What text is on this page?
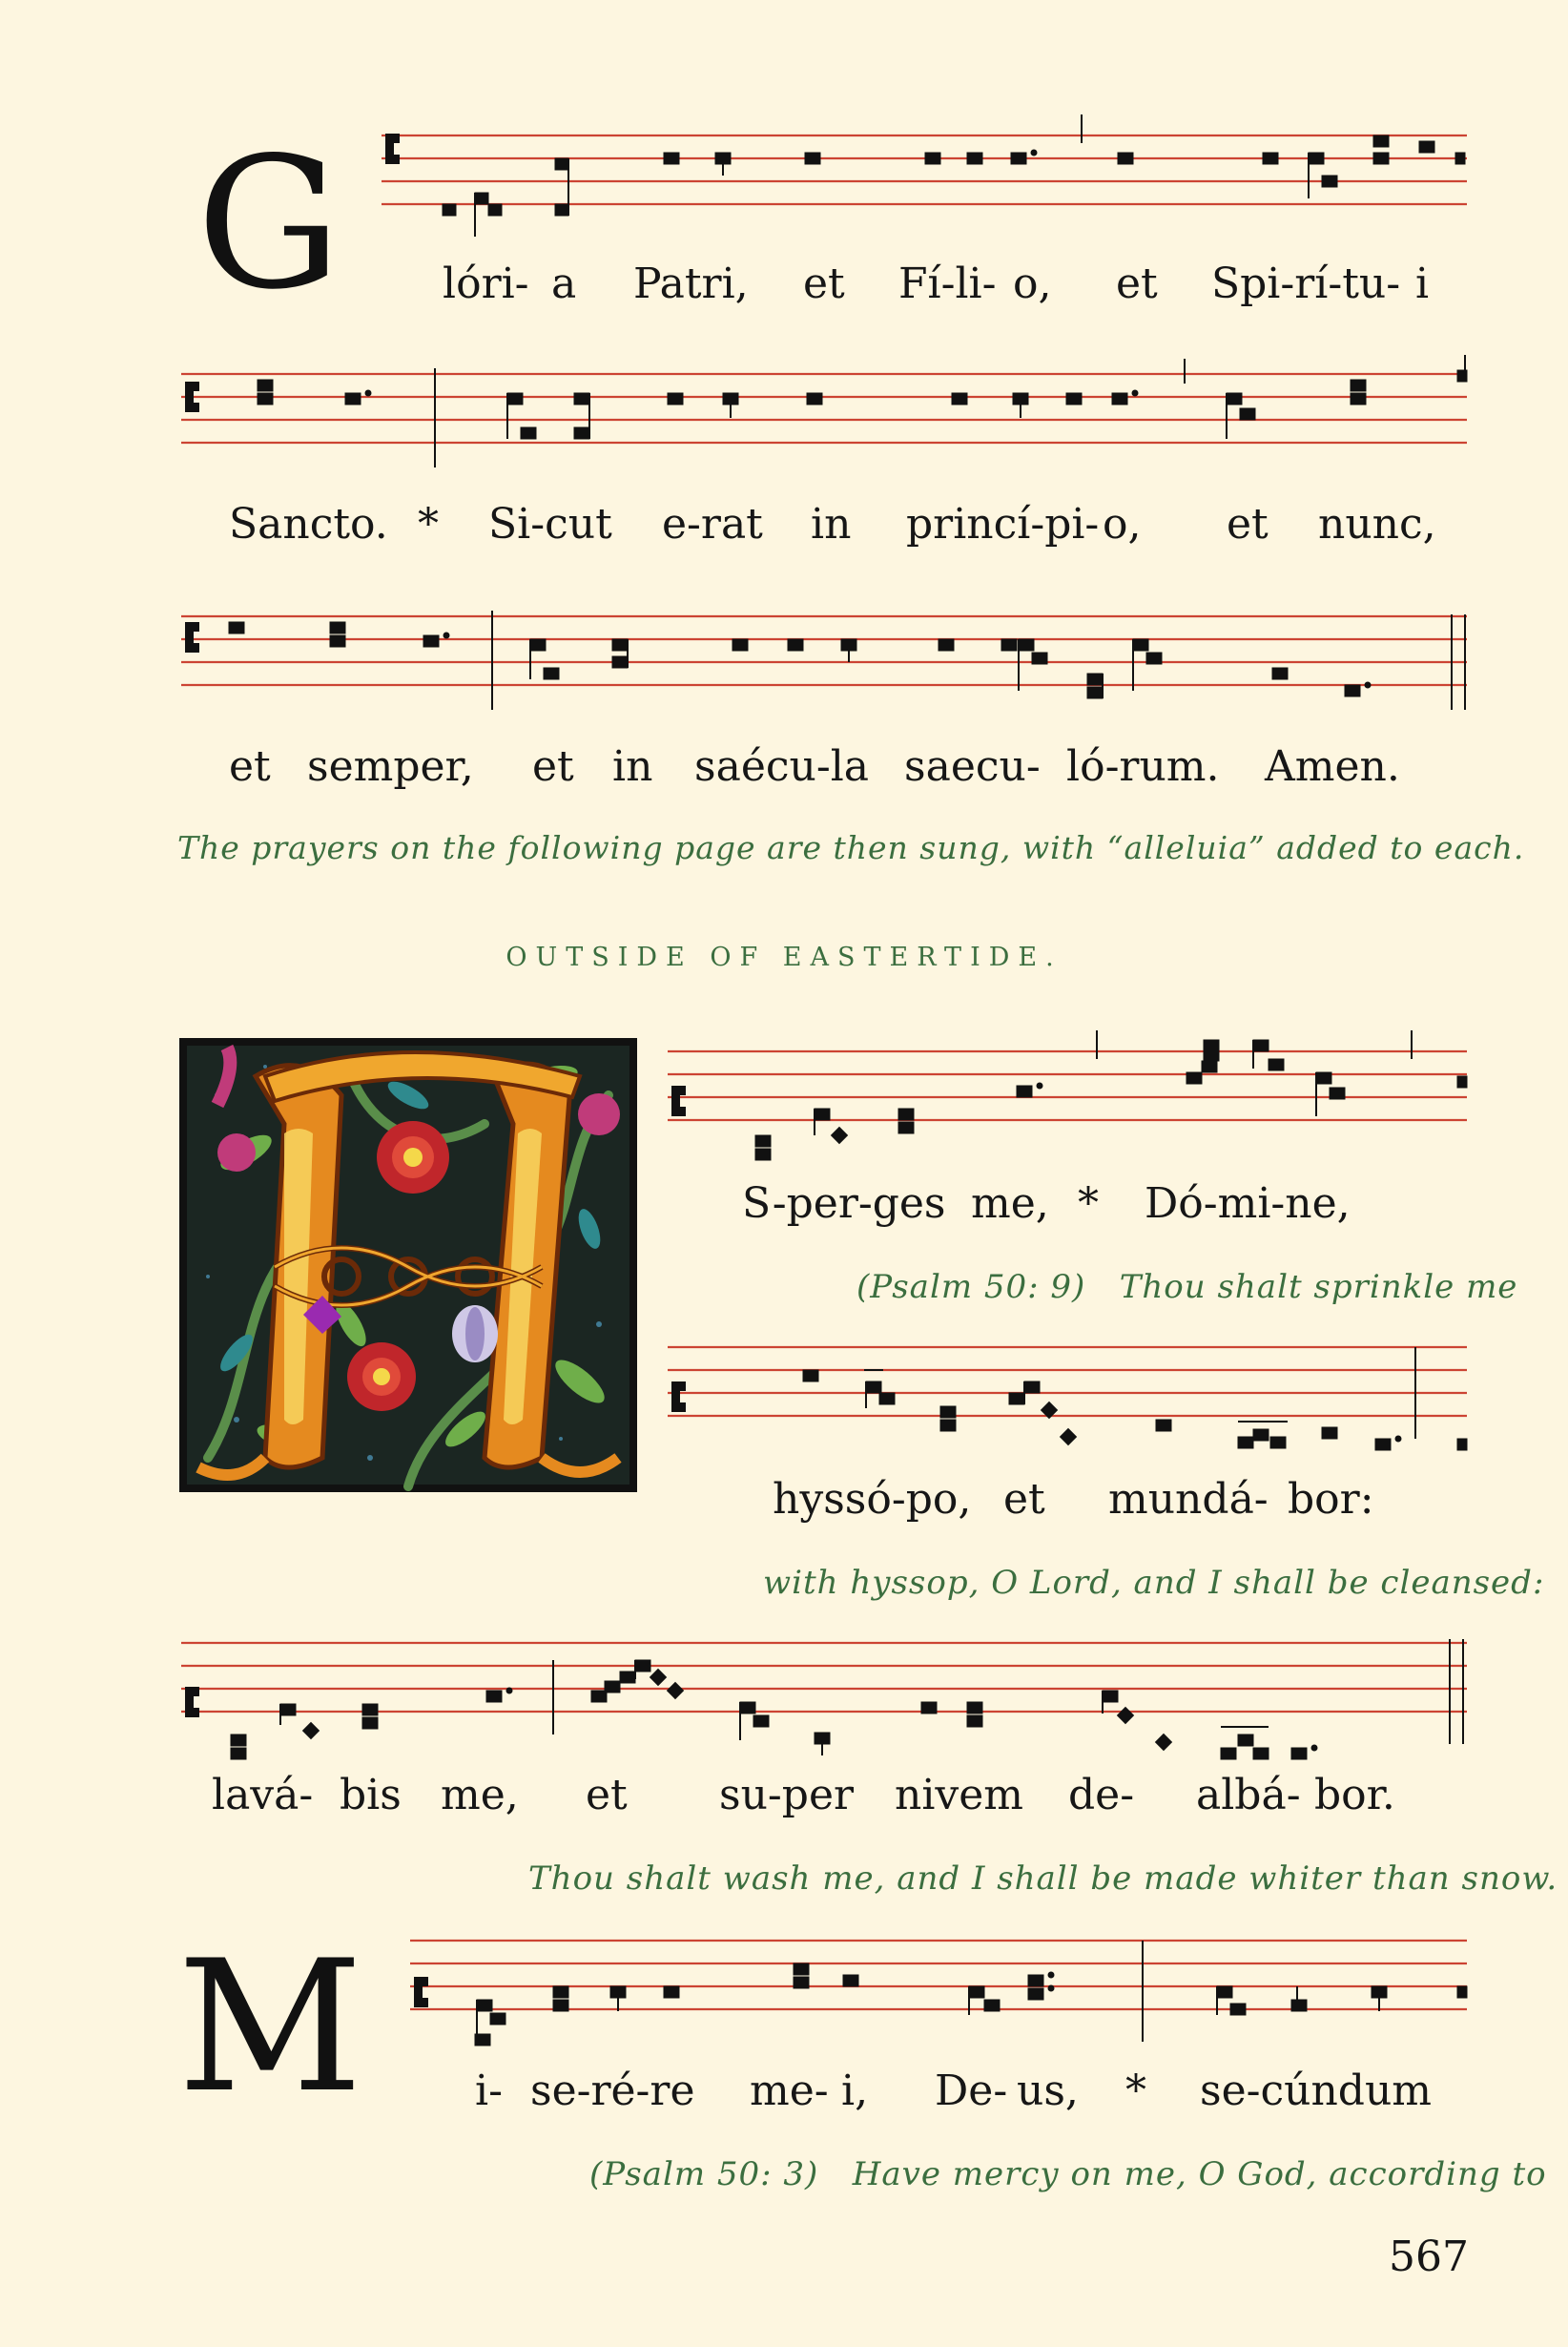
G lóri- a Patri, et Fí-li- o, et Spi-rí-tu- i
Sancto. * Si-cut e-rat in princí-pi- o, et nunc,
et semper, et in saécu-la saecu- ló-rum. Amen.
The prayers on the following page are then sung, with “alleluia” added to each.
OUTSIDE OF EASTERTIDE.
S-per-ges me, * Dó-mi-ne,
(Psalm 50: 9)   Thou shalt sprinkle me
hyssó-po, et mundá- bor:
with hyssop, O Lord, and I shall be cleansed:
lavá- bis me, et su-per nivem de- albá- bor.
Thou shalt wash me, and I shall be made whiter than snow.
M	i- se-ré-re me- i, De- us, * se-cúndum
(Psalm 50: 3)   Have mercy on me, O God, according to
567
